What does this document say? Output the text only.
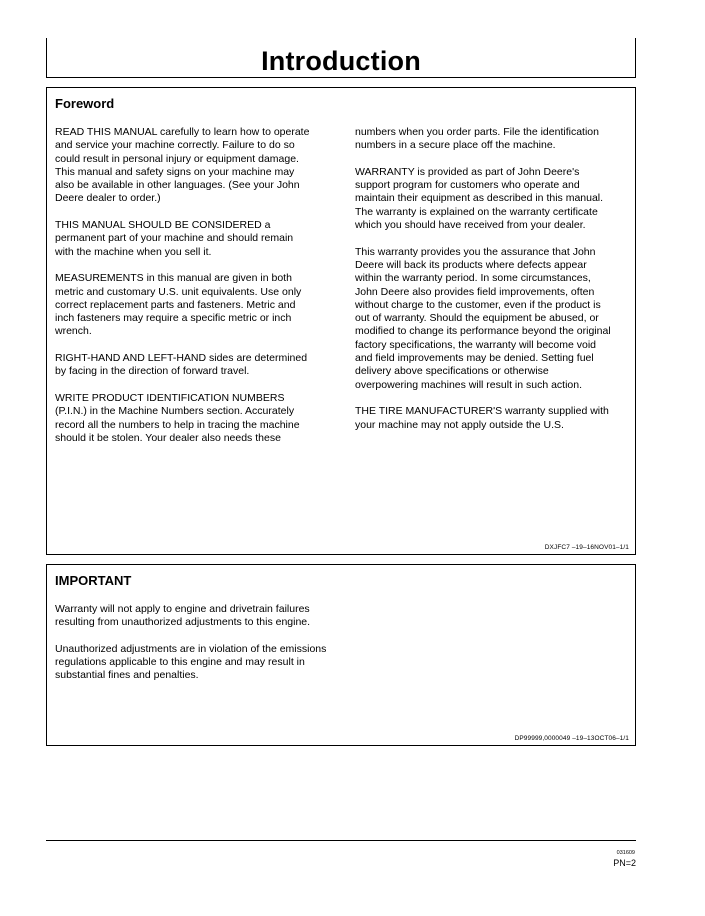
Introduction
Foreword

READ THIS MANUAL carefully to learn how to operate
and service your machine correctly. Failure to do so
could result in personal injury or equipment damage.
This manual and safety signs on your machine may
also be available in other languages. (See your John
Deere dealer to order.)

THIS MANUAL SHOULD BE CONSIDERED a
permanent part of your machine and should remain
with the machine when you sell it.

MEASUREMENTS in this manual are given in both
metric and customary U.S. unit equivalents. Use only
correct replacement parts and fasteners. Metric and
inch fasteners may require a specific metric or inch
wrench.

RIGHT-HAND AND LEFT-HAND sides are determined
by facing in the direction of forward travel.

WRITE PRODUCT IDENTIFICATION NUMBERS
(P.I.N.) in the Machine Numbers section. Accurately
record all the numbers to help in tracing the machine
should it be stolen. Your dealer also needs these

numbers when you order parts. File the identification
numbers in a secure place off the machine.

WARRANTY is provided as part of John Deere's
support program for customers who operate and
maintain their equipment as described in this manual.
The warranty is explained on the warranty certificate
which you should have received from your dealer.

This warranty provides you the assurance that John
Deere will back its products where defects appear
within the warranty period. In some circumstances,
John Deere also provides field improvements, often
without charge to the customer, even if the product is
out of warranty. Should the equipment be abused, or
modified to change its performance beyond the original
factory specifications, the warranty will become void
and field improvements may be denied. Setting fuel
delivery above specifications or otherwise
overpowering machines will result in such action.

THE TIRE MANUFACTURER'S warranty supplied with
your machine may not apply outside the U.S.

DXJFC7 –19–16NOV01–1/1
IMPORTANT

Warranty will not apply to engine and drivetrain failures
resulting from unauthorized adjustments to this engine.

Unauthorized adjustments are in violation of the emissions
regulations applicable to this engine and may result in
substantial fines and penalties.

DP99999,0000049 –19–13OCT06–1/1
031609
PN=2
